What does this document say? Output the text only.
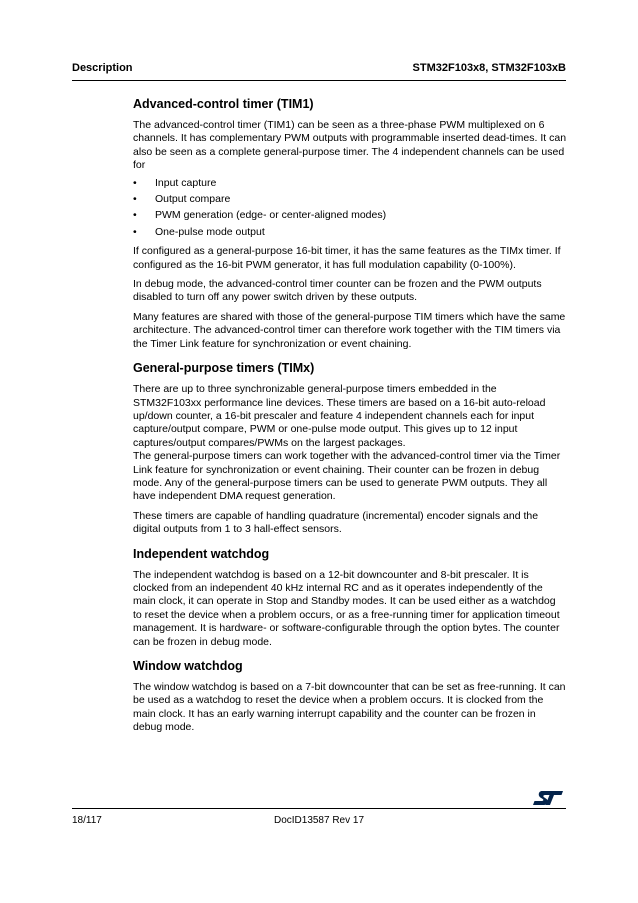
Description	STM32F103x8, STM32F103xB
Advanced-control timer (TIM1)

The advanced-control timer (TIM1) can be seen as a three-phase PWM multiplexed on 6 channels. It has complementary PWM outputs with programmable inserted dead-times. It can also be seen as a complete general-purpose timer. The 4 independent channels can be used for

• Input capture
• Output compare
• PWM generation (edge- or center-aligned modes)
• One-pulse mode output

If configured as a general-purpose 16-bit timer, it has the same features as the TIMx timer. If configured as the 16-bit PWM generator, it has full modulation capability (0-100%).

In debug mode, the advanced-control timer counter can be frozen and the PWM outputs disabled to turn off any power switch driven by these outputs.

Many features are shared with those of the general-purpose TIM timers which have the same architecture. The advanced-control timer can therefore work together with the TIM timers via the Timer Link feature for synchronization or event chaining.

General-purpose timers (TIMx)

There are up to three synchronizable general-purpose timers embedded in the STM32F103xx performance line devices. These timers are based on a 16-bit auto-reload up/down counter, a 16-bit prescaler and feature 4 independent channels each for input capture/output compare, PWM or one-pulse mode output. This gives up to 12 input captures/output compares/PWMs on the largest packages.

The general-purpose timers can work together with the advanced-control timer via the Timer Link feature for synchronization or event chaining. Their counter can be frozen in debug mode. Any of the general-purpose timers can be used to generate PWM outputs. They all have independent DMA request generation.

These timers are capable of handling quadrature (incremental) encoder signals and the digital outputs from 1 to 3 hall-effect sensors.

Independent watchdog

The independent watchdog is based on a 12-bit downcounter and 8-bit prescaler. It is clocked from an independent 40 kHz internal RC and as it operates independently of the main clock, it can operate in Stop and Standby modes. It can be used either as a watchdog to reset the device when a problem occurs, or as a free-running timer for application timeout management. It is hardware- or software-configurable through the option bytes. The counter can be frozen in debug mode.

Window watchdog

The window watchdog is based on a 7-bit downcounter that can be set as free-running. It can be used as a watchdog to reset the device when a problem occurs. It is clocked from the main clock. It has an early warning interrupt capability and the counter can be frozen in debug mode.

18/117	DocID13587 Rev 17
